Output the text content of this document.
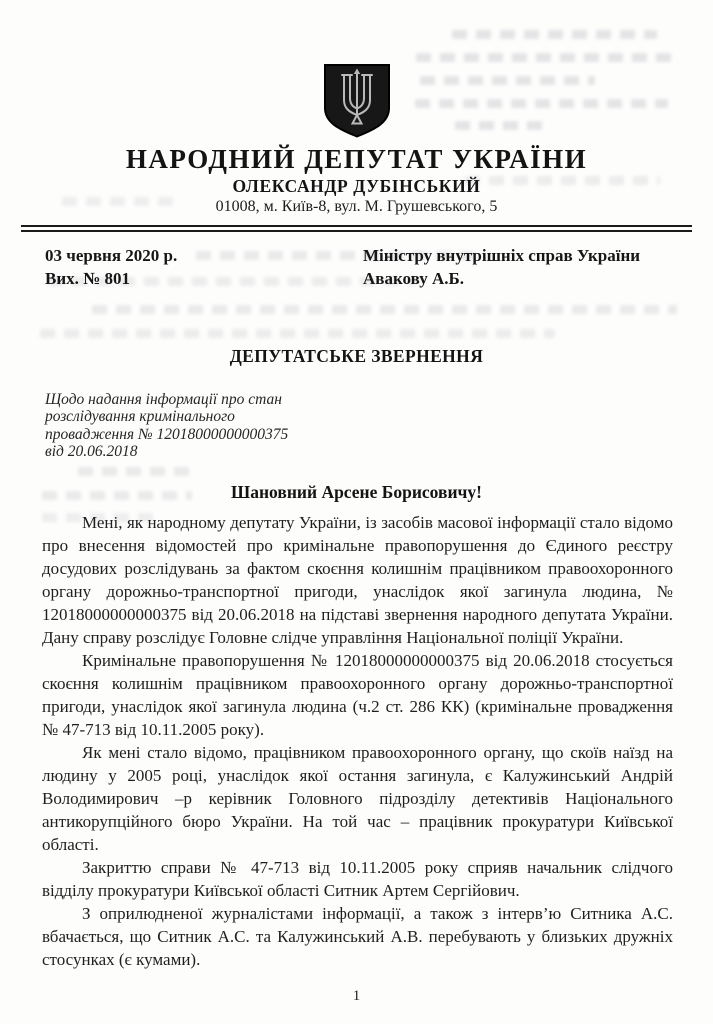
НАРОДНИЙ ДЕПУТАТ УКРАЇНИ
ОЛЕКСАНДР ДУБІНСЬКИЙ
01008, м. Київ-8, вул. М. Грушевського, 5
03 червня 2020 р.
Вих. № 801
Міністру внутрішніх справ України
Авакову А.Б.
ДЕПУТАТСЬКЕ ЗВЕРНЕННЯ
Щодо надання інформації про стан
розслідування кримінального
провадження № 12018000000000375
від 20.06.2018
Шановний Арсене Борисовичу!

Мені, як народному депутату України, із засобів масової інформації стало відомо про внесення відомостей про кримінальне правопорушення до Єдиного реєстру досудових розслідувань за фактом скоєння колишнім працівником правоохоронного органу дорожньо-транспортної пригоди, унаслідок якої загинула людина, № 12018000000000375 від 20.06.2018 на підставі звернення народного депутата України. Дану справу розслідує Головне слідче управління Національної поліції України.

Кримінальне правопорушення № 12018000000000375 від 20.06.2018 стосується скоєння колишнім працівником правоохоронного органу дорожньо-транспортної пригоди, унаслідок якої загинула людина (ч.2 ст. 286 КК) (кримінальне провадження № 47-713 від 10.11.2005 року).

Як мені стало відомо, працівником правоохоронного органу, що скоїв наїзд на людину у 2005 році, унаслідок якої остання загинула, є Калужинський Андрій Володимирович –р керівник Головного підрозділу детективів Національного антикорупційного бюро України. На той час – працівник прокуратури Київської області.

Закриттю справи № 47-713 від 10.11.2005 року сприяв начальник слідчого відділу прокуратури Київської області Ситник Артем Сергійович.

З оприлюдненої журналістами інформації, а також з інтерв’ю Ситника А.С. вбачається, що Ситник А.С. та Калужинський А.В. перебувають у близьких дружніх стосунках (є кумами).

1
